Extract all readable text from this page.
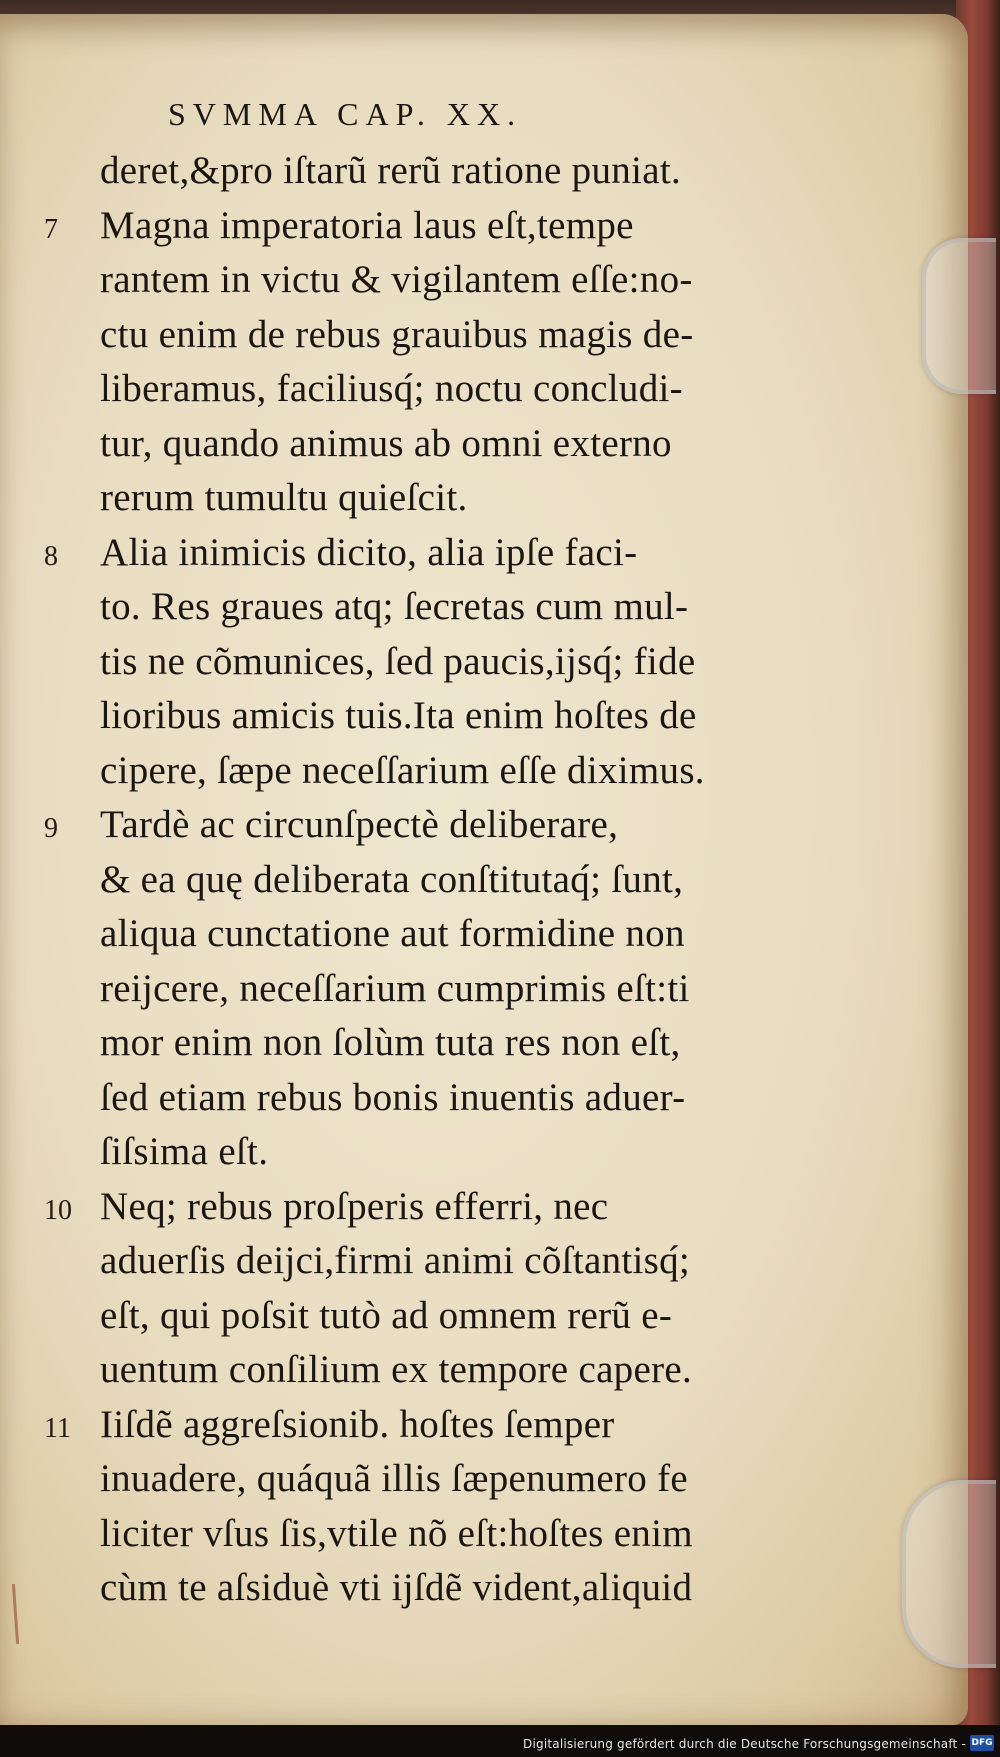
SVMMA CAP. XX.
deret,&pro iſtarũ rerũ ratione puniat.
7	Magna imperatoria laus eſt,tempe
rantem in victu & vigilantem eſſe:no-
ctu enim de rebus grauibus magis de-
liberamus, faciliusq́; noctu concludi-
tur, quando animus ab omni externo
rerum tumultu quieſcit.
8	Alia inimicis dicito, alia ipſe faci-
to. Res graues atq; ſecretas cum mul-
tis ne cõmunices, ſed paucis,ijsq́; fide
lioribus amicis tuis.Ita enim hoſtes de
cipere, ſæpe neceſſarium eſſe diximus.
9	Tardè ac circunſpectè deliberare,
& ea quę deliberata conſtitutaq́; ſunt,
aliqua cunctatione aut formidine non
reijcere, neceſſarium cumprimis eſt:ti
mor enim non ſolùm tuta res non eſt,
ſed etiam rebus bonis inuentis aduer-
ſiſsima eſt.
10 Neq; rebus proſperis efferri, nec
aduerſis deijci,firmi animi cõſtantisq́;
eſt, qui poſsit tutò ad omnem rerũ e-
uentum conſilium ex tempore capere.
11 Iiſdẽ aggreſsionib. hoſtes ſemper
inuadere, quáquã illis ſæpenumero fe
liciter vſus ſis,vtile nõ eſt:hoſtes enim
cùm te aſsiduè vti ijſdẽ vident,aliquid
Digitalisierung gefördert durch die Deutsche Forschungsgemeinschaft - DFG
